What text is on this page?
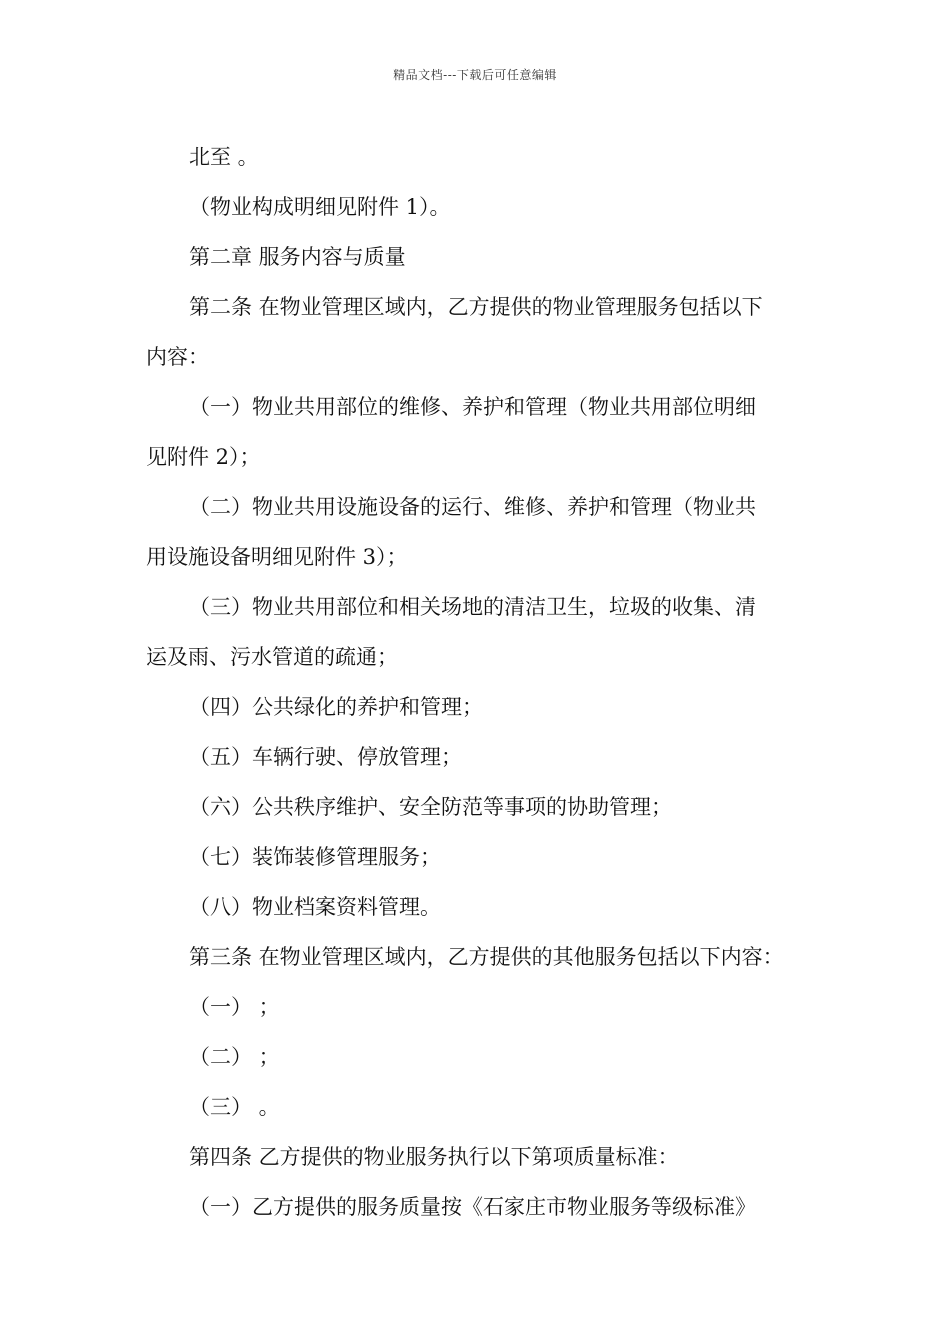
精品文档---下载后可任意编辑
北至 。
（物业构成明细见附件 1）。
第二章 服务内容与质量
第二条 在物业管理区域内，乙方提供的物业管理服务包括以下
内容：
（一）物业共用部位的维修、养护和管理（物业共用部位明细
见附件 2）；
（二）物业共用设施设备的运行、维修、养护和管理（物业共
用设施设备明细见附件 3）；
（三）物业共用部位和相关场地的清洁卫生，垃圾的收集、清
运及雨、污水管道的疏通；
（四）公共绿化的养护和管理；
（五）车辆行驶、停放管理；
（六）公共秩序维护、安全防范等事项的协助管理；
（七）装饰装修管理服务；
（八）物业档案资料管理。
第三条 在物业管理区域内，乙方提供的其他服务包括以下内容：
（一） ；
（二） ；
（三） 。
第四条 乙方提供的物业服务执行以下第项质量标准：
（一）乙方提供的服务质量按《石家庄市物业服务等级标准》
